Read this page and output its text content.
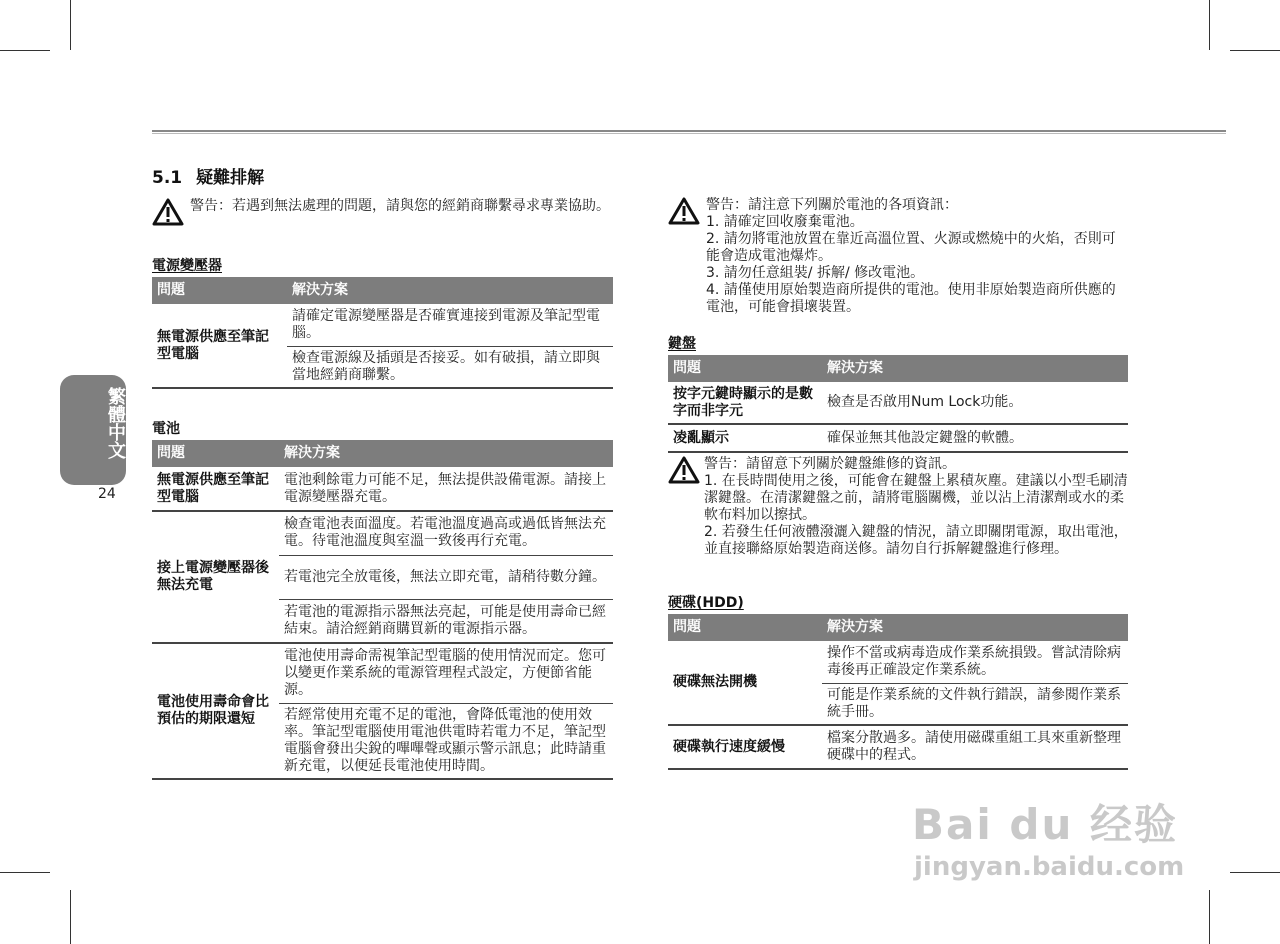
5.1 疑難排解
繁體中文
24
警告：若遇到無法處理的問題，請與您的經銷商聯繫尋求專業協助。
電源變壓器
問題	解決方案
無電源供應至筆記型電腦	請確定電源變壓器是否確實連接到電源及筆記型電腦。
	檢查電源線及插頭是否接妥。如有破損，請立即與當地經銷商聯繫。
電池
問題	解決方案
無電源供應至筆記型電腦	電池剩餘電力可能不足，無法提供設備電源。請接上電源變壓器充電。
接上電源變壓器後無法充電	檢查電池表面溫度。若電池溫度過高或過低皆無法充電。待電池溫度與室溫一致後再行充電。
	若電池完全放電後，無法立即充電，請稍待數分鐘。
	若電池的電源指示器無法亮起，可能是使用壽命已經結束。請洽經銷商購買新的電源指示器。
電池使用壽命會比預估的期限還短	電池使用壽命需視筆記型電腦的使用情況而定。您可以變更作業系統的電源管理程式設定，方便節省能源。
	若經常使用充電不足的電池，會降低電池的使用效率。筆記型電腦使用電池供電時若電力不足，筆記型電腦會發出尖銳的嗶嗶聲或顯示警示訊息；此時請重新充電，以便延長電池使用時間。
警告：請注意下列關於電池的各項資訊：
1. 請確定回收廢棄電池。
2. 請勿將電池放置在靠近高溫位置、火源或燃燒中的火焰，否則可能會造成電池爆炸。
3. 請勿任意組裝/ 拆解/ 修改電池。
4. 請僅使用原始製造商所提供的電池。使用非原始製造商所供應的電池，可能會損壞裝置。
鍵盤
問題	解決方案
按字元鍵時顯示的是數字而非字元	檢查是否啟用Num Lock功能。
凌亂顯示	確保並無其他設定鍵盤的軟體。
警告：請留意下列關於鍵盤維修的資訊。
1. 在長時間使用之後，可能會在鍵盤上累積灰塵。建議以小型毛刷清潔鍵盤。在清潔鍵盤之前，請將電腦關機，並以沾上清潔劑或水的柔軟布料加以擦拭。
2. 若發生任何液體潑灑入鍵盤的情況，請立即關閉電源，取出電池，並直接聯絡原始製造商送修。請勿自行拆解鍵盤進行修理。
硬碟(HDD)
問題	解決方案
硬碟無法開機	操作不當或病毒造成作業系統損毀。嘗試清除病毒後再正確設定作業系統。
	可能是作業系統的文件執行錯誤，請參閱作業系統手冊。
硬碟執行速度緩慢	檔案分散過多。請使用磁碟重組工具來重新整理硬碟中的程式。
Bai du 经验
jingyan.baidu.com
